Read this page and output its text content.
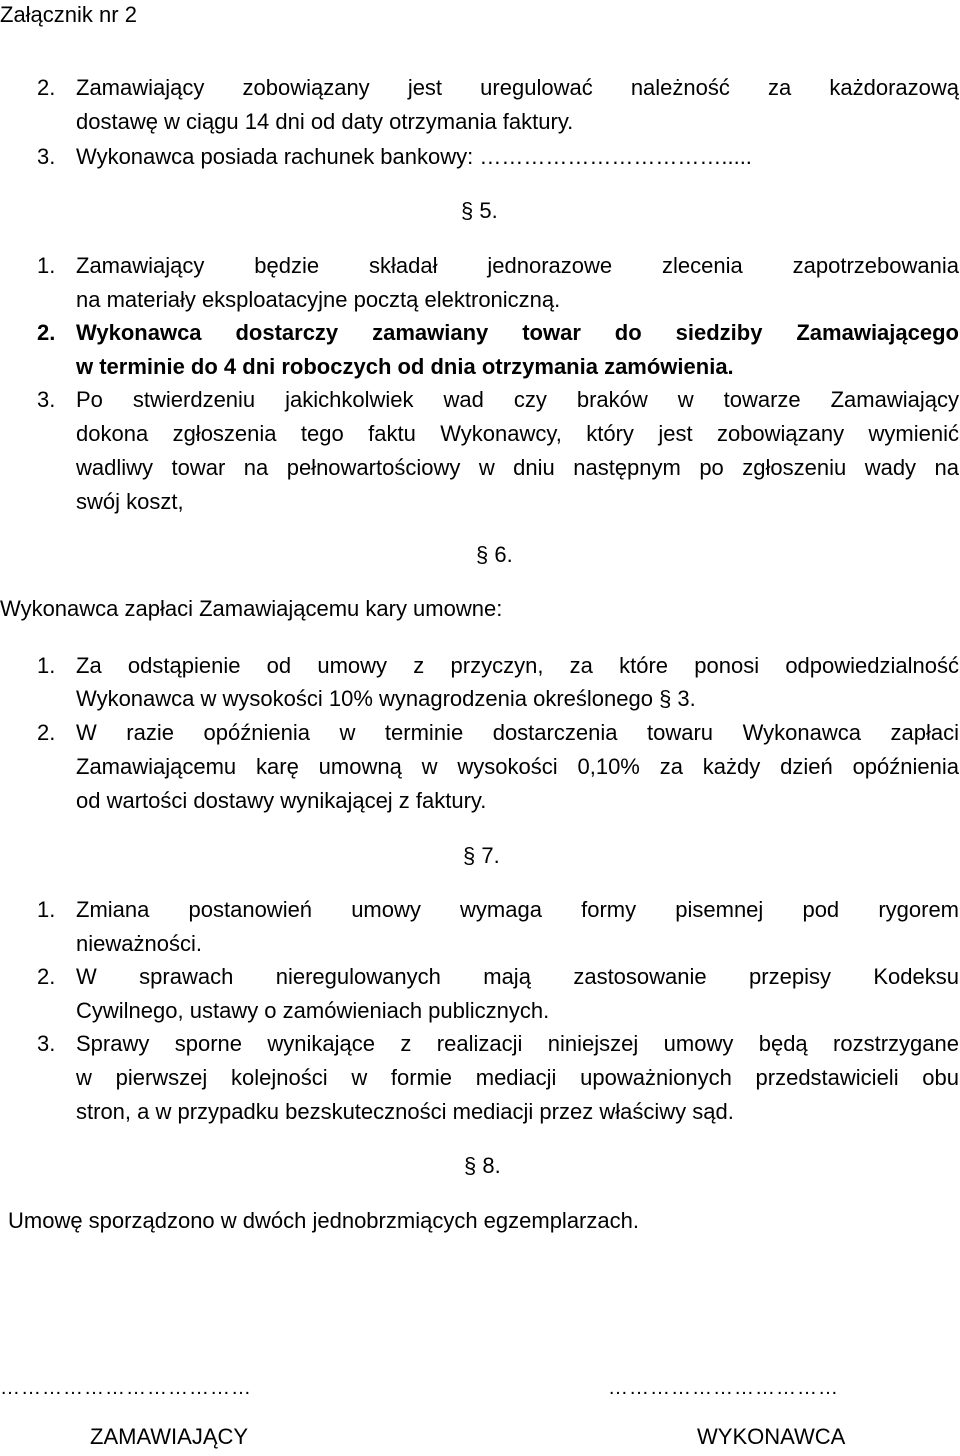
Załącznik nr 2
2. Zamawiający zobowiązany jest uregulować należność za każdorazową
dostawę w ciągu 14 dni od daty otrzymania faktury.
3. Wykonawca posiada rachunek bankowy: …………………………….....
§ 5.
1. Zamawiający będzie składał jednorazowe zlecenia zapotrzebowania
na materiały eksploatacyjne pocztą elektroniczną.
2. Wykonawca dostarczy zamawiany towar do siedziby Zamawiającego
w terminie do 4 dni roboczych od dnia otrzymania zamówienia.
3. Po stwierdzeniu jakichkolwiek wad czy braków w towarze Zamawiający
dokona zgłoszenia tego faktu Wykonawcy, który jest zobowiązany wymienić
wadliwy towar na pełnowartościowy w dniu następnym po zgłoszeniu wady na
swój koszt,
§ 6.
Wykonawca zapłaci Zamawiającemu kary umowne:
1. Za odstąpienie od umowy z przyczyn, za które ponosi odpowiedzialność
Wykonawca w wysokości 10% wynagrodzenia określonego § 3.
2. W razie opóźnienia w terminie dostarczenia towaru Wykonawca zapłaci
Zamawiającemu karę umowną w wysokości 0,10% za każdy dzień opóźnienia
od wartości dostawy wynikającej z faktury.
§ 7.
1. Zmiana postanowień umowy wymaga formy pisemnej pod rygorem
nieważności.
2. W sprawach nieregulowanych mają zastosowanie przepisy Kodeksu
Cywilnego, ustawy o zamówieniach publicznych.
3. Sprawy sporne wynikające z realizacji niniejszej umowy będą rozstrzygane
w pierwszej kolejności w formie mediacji upoważnionych przedstawicieli obu
stron, a w przypadku bezskuteczności mediacji przez właściwy sąd.
§ 8.
Umowę sporządzono w dwóch jednobrzmiących egzemplarzach.
………………………………	……………………………
ZAMAWIAJĄCY	WYKONAWCA
